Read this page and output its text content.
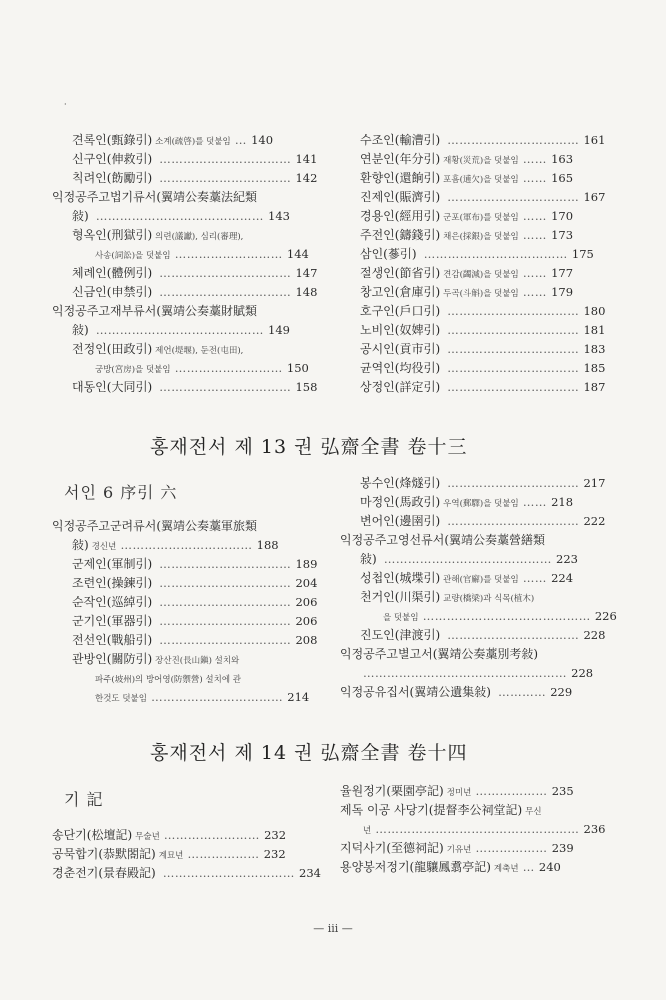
·
견록인(甄錄引) 소계(疏啓)를 덧붙임 … 140
신구인(伸救引) …………………………… 141
칙려인(飭勵引) …………………………… 142
익정공주고법기류서(翼靖公奏藁法紀類
敍) …………………………………… 143
형옥인(刑獄引) 의련(議讞), 심리(審理),
사송(詞訟)을 덧붙임 ……………………… 144
체례인(體例引) …………………………… 147
신금인(申禁引) …………………………… 148
익정공주고재부류서(翼靖公奏藁財賦類
敍) …………………………………… 149
전정인(田政引) 제언(堤堰), 둔전(屯田),
궁방(宮房)을 덧붙임 ……………………… 150
대동인(大同引) …………………………… 158
수조인(輸漕引) …………………………… 161
연분인(年分引) 재황(災荒)을 덧붙임 …… 163
환향인(還餉引) 포흠(逋欠)을 덧붙임 …… 165
진제인(賑濟引) …………………………… 167
경용인(經用引) 군포(軍布)를 덧붙임 …… 170
주전인(鑄錢引) 채은(採銀)을 덧붙임 …… 173
삼인(蔘引) ……………………………… 175
절생인(節省引) 견감(蠲減)을 덧붙임 …… 177
창고인(倉庫引) 두곡(斗斛)을 덧붙임 …… 179
호구인(戶口引) …………………………… 180
노비인(奴婢引) …………………………… 181
공시인(貢市引) …………………………… 183
균역인(均役引) …………………………… 185
상정인(詳定引) …………………………… 187
홍재전서 제 13 권 弘齋全書 卷十三
서인 6 序引 六
익정공주고군려류서(翼靖公奏藁軍旅類
敍) 경신년 …………………………… 188
군제인(軍制引) …………………………… 189
조련인(操鍊引) …………………………… 204
순작인(巡綽引) …………………………… 206
군기인(軍器引) …………………………… 206
전선인(戰船引) …………………………… 208
관방인(關防引) 장산진(長山鎭) 설치와
파주(坡州)의 방어영(防禦營) 설치에 관
한것도 덧붙임 …………………………… 214
봉수인(烽燧引) …………………………… 217
마정인(馬政引) 우역(郵驛)을 덧붙임 …… 218
변어인(邊圉引) …………………………… 222
익정공주고영선류서(翼靖公奏藁營繕類
敍) …………………………………… 223
성첩인(城堞引) 관해(官廨)를 덧붙임 …… 224
천거인(川渠引) 교량(橋梁)과 식목(植木)
을 덧붙임 …………………………………… 226
진도인(津渡引) …………………………… 228
익정공주고별고서(翼靖公奏藁別考敍)
…………………………………………… 228
익정공유집서(翼靖公遺集敍) ………… 229
홍재전서 제 14 권 弘齋全書 卷十四
기 記
송단기(松壇記) 무술년 …………………… 232
공묵합기(恭默閤記) 계묘년 ……………… 232
경춘전기(景春殿記) …………………………… 234
율원정기(栗園亭記) 정미년 ……………… 235
제독 이공 사당기(提督李公祠堂記) 무신
년 …………………………………………… 236
지덕사기(至德祠記) 기유년 ……………… 239
용양봉저정기(龍驤鳳翥亭記) 계축년 … 240
— iii —
